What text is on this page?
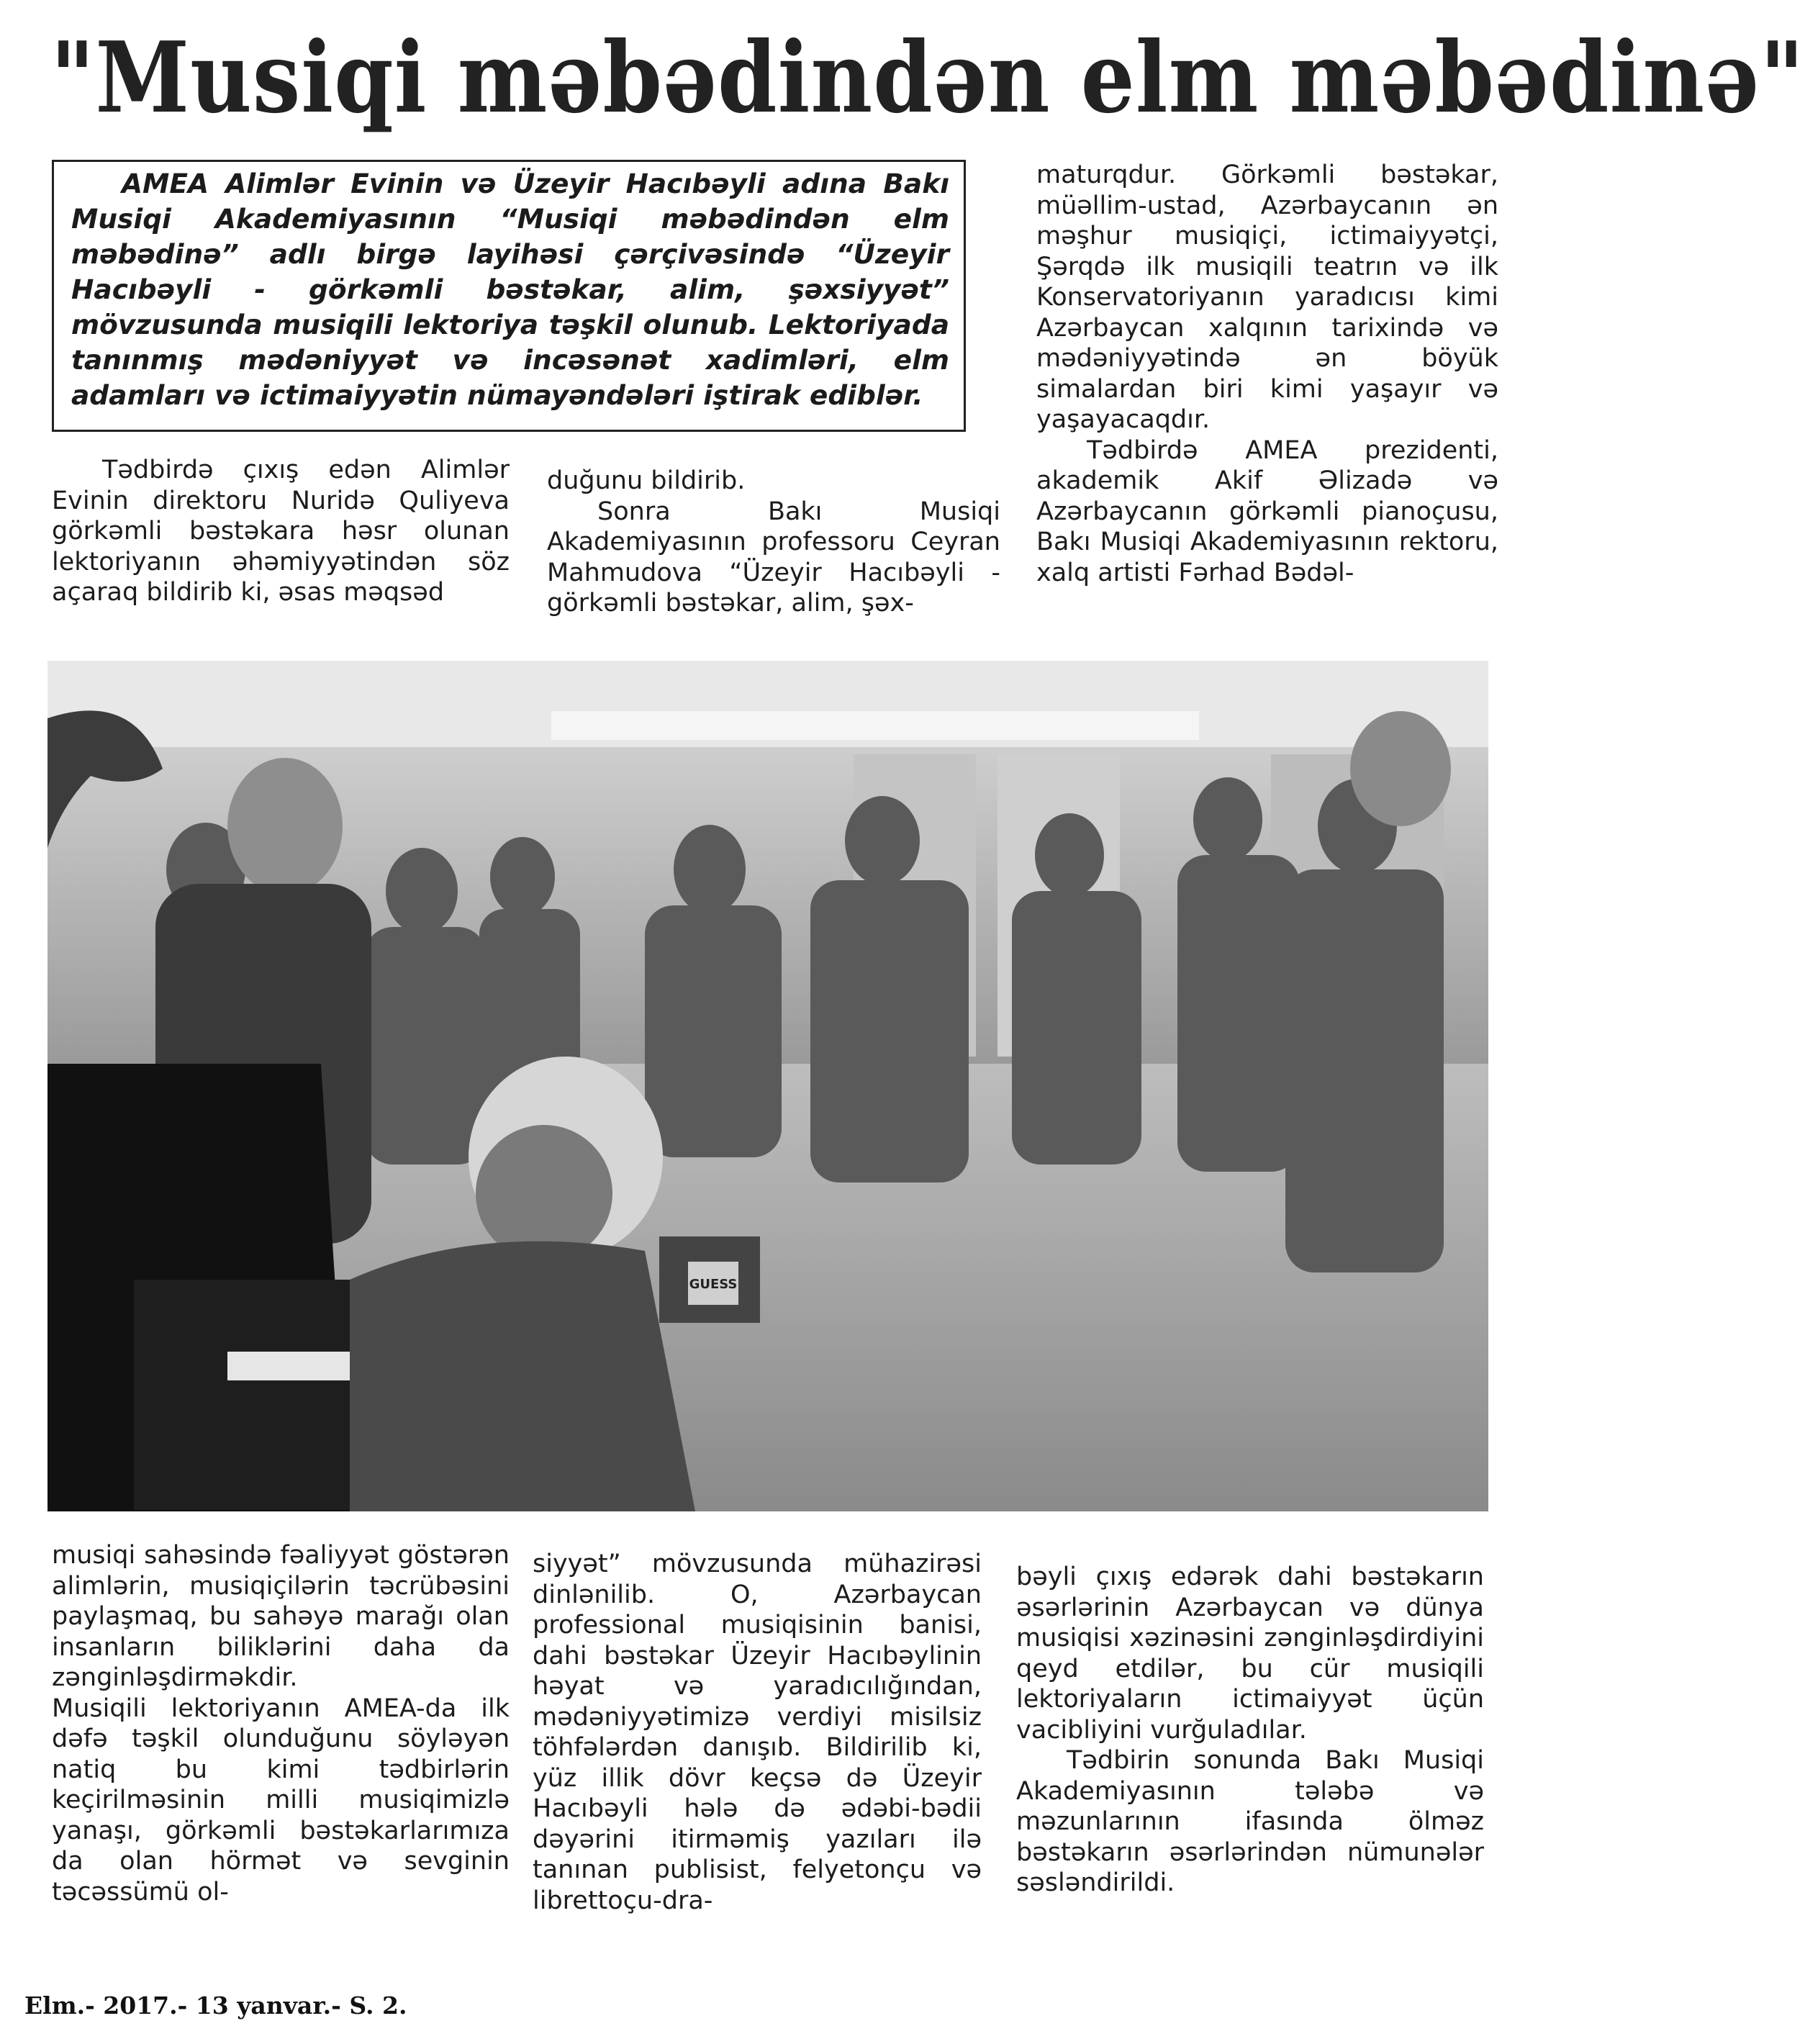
"Musiqi məbədindən elm məbədinə"
AMEA Alimlər Evinin və Üzeyir Hacıbəyli adına Bakı Musiqi Akademiyasının “Musiqi məbədindən elm məbədinə” adlı birgə layihəsi çərçivəsində “Üzeyir Hacıbəyli - görkəmli bəstəkar, alim, şəxsiyyət” mövzusunda musiqili lektoriya təşkil olunub. Lektoriyada tanınmış mədəniyyət və incəsənət xadimləri, elm adamları və ictimaiyyətin nümayəndələri iştirak ediblər.

Tədbirdə çıxış edən Alimlər Evinin direktoru Nuridə Quliyeva görkəmli bəstəkara həsr olunan lektoriyanın əhəmiyyətindən söz açaraq bildirib ki, əsas məqsəd

duğunu bildirib.

Sonra Bakı Musiqi Akademiyasının professoru Ceyran Mahmudova “Üzeyir Hacıbəyli - görkəmli bəstəkar, alim, şəx-

maturqdur. Görkəmli bəstəkar, müəllim-ustad, Azərbaycanın ən məşhur musiqiçi, ictimaiyyətçi, Şərqdə ilk musiqili teatrın və ilk Konservatoriyanın yaradıcısı kimi Azərbaycan xalqının tarixində və mədəniyyətində ən böyük simalardan biri kimi yaşayır və yaşayacaqdır.

Tədbirdə AMEA prezidenti, akademik Akif Əlizadə və Azərbaycanın görkəmli pianoçusu, Bakı Musiqi Akademiyasının rektoru, xalq artisti Fərhad Bədəl-

GUESS

musiqi sahəsində fəaliyyət göstərən alimlərin, musiqiçilərin təcrübəsini paylaşmaq, bu sahəyə marağı olan insanların biliklərini daha da zənginləşdirməkdir.

Musiqili lektoriyanın AMEA-da ilk dəfə təşkil olunduğunu söyləyən natiq bu kimi tədbirlərin keçirilməsinin milli musiqimizlə yanaşı, görkəmli bəstəkarlarımıza da olan hörmət və sevginin təcəssümü ol-

siyyət” mövzusunda mühazirəsi dinlənilib. O, Azərbaycan professional musiqisinin banisi, dahi bəstəkar Üzeyir Hacıbəylinin həyat və yaradıcılığından, mədəniyyətimizə verdiyi misilsiz töhfələrdən danışıb. Bildirilib ki, yüz illik dövr keçsə də Üzeyir Hacıbəyli hələ də ədəbi-bədii dəyərini itirməmiş yazıları ilə tanınan publisist, felyetonçu və librettoçu-dra-

bəyli çıxış edərək dahi bəstəkarın əsərlərinin Azərbaycan və dünya musiqisi xəzinəsini zənginləşdirdiyini qeyd etdilər, bu cür musiqili lektoriyaların ictimaiyyət üçün vacibliyini vurğuladılar.

Tədbirin sonunda Bakı Musiqi Akademiyasının tələbə və məzunlarının ifasında ölməz bəstəkarın əsərlərindən nümunələr səsləndirildi.

Elm.- 2017.- 13 yanvar.- S. 2.
